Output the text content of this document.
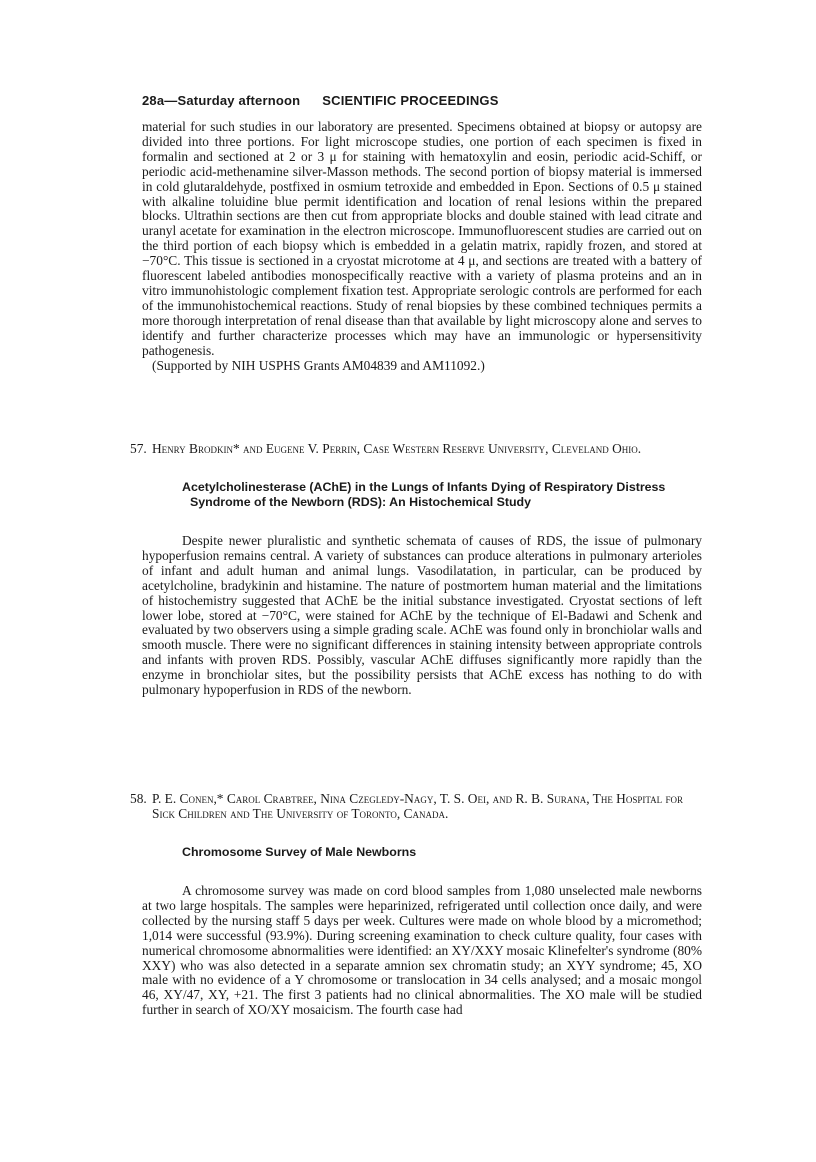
28a—Saturday afternoon SCIENTIFIC PROCEEDINGS
material for such studies in our laboratory are presented. Specimens obtained at biopsy or autopsy are divided into three portions. For light microscope studies, one portion of each specimen is fixed in formalin and sectioned at 2 or 3 μ for staining with hematoxylin and eosin, periodic acid-Schiff, or periodic acid-methenamine silver-Masson methods. The second portion of biopsy material is immersed in cold glutaraldehyde, postfixed in osmium tetroxide and embedded in Epon. Sections of 0.5 μ stained with alkaline toluidine blue permit identification and location of renal lesions within the prepared blocks. Ultrathin sections are then cut from appropriate blocks and double stained with lead citrate and uranyl acetate for examination in the electron microscope. Immunofluorescent studies are carried out on the third portion of each biopsy which is embedded in a gelatin matrix, rapidly frozen, and stored at −70°C. This tissue is sectioned in a cryostat microtome at 4 μ, and sections are treated with a battery of fluorescent labeled antibodies monospecifically reactive with a variety of plasma proteins and an in vitro immunohistologic complement fixation test. Appropriate serologic controls are performed for each of the immunohistochemical reactions. Study of renal biopsies by these combined techniques permits a more thorough interpretation of renal disease than that available by light microscopy alone and serves to identify and further characterize processes which may have an immunologic or hypersensitivity pathogenesis.
(Supported by NIH USPHS Grants AM04839 and AM11092.)
57. Henry Brodkin* and Eugene V. Perrin, Case Western Reserve University, Cleveland Ohio.
Acetylcholinesterase (AChE) in the Lungs of Infants Dying of Respiratory Distress
Syndrome of the Newborn (RDS): An Histochemical Study
Despite newer pluralistic and synthetic schemata of causes of RDS, the issue of pulmonary hypoperfusion remains central. A variety of substances can produce alterations in pulmonary arterioles of infant and adult human and animal lungs. Vasodilatation, in particular, can be produced by acetylcholine, bradykinin and histamine. The nature of postmortem human material and the limitations of histochemistry suggested that AChE be the initial substance investigated. Cryostat sections of left lower lobe, stored at −70°C, were stained for AChE by the technique of El-Badawi and Schenk and evaluated by two observers using a simple grading scale. AChE was found only in bronchiolar walls and smooth muscle. There were no significant differences in staining intensity between appropriate controls and infants with proven RDS. Possibly, vascular AChE diffuses significantly more rapidly than the enzyme in bronchiolar sites, but the possibility persists that AChE excess has nothing to do with pulmonary hypoperfusion in RDS of the newborn.
58. P. E. Conen,* Carol Crabtree, Nina Czegledy-Nagy, T. S. Oei, and R. B. Surana, The Hospital for Sick Children and The University of Toronto, Canada.
Chromosome Survey of Male Newborns
A chromosome survey was made on cord blood samples from 1,080 unselected male newborns at two large hospitals. The samples were heparinized, refrigerated until collection once daily, and were collected by the nursing staff 5 days per week. Cultures were made on whole blood by a micromethod; 1,014 were successful (93.9%). During screening examination to check culture quality, four cases with numerical chromosome abnormalities were identified: an XY/XXY mosaic Klinefelter's syndrome (80% XXY) who was also detected in a separate amnion sex chromatin study; an XYY syndrome; 45, XO male with no evidence of a Y chromosome or translocation in 34 cells analysed; and a mosaic mongol 46, XY/47, XY, +21. The first 3 patients had no clinical abnormalities. The XO male will be studied further in search of XO/XY mosaicism. The fourth case had
